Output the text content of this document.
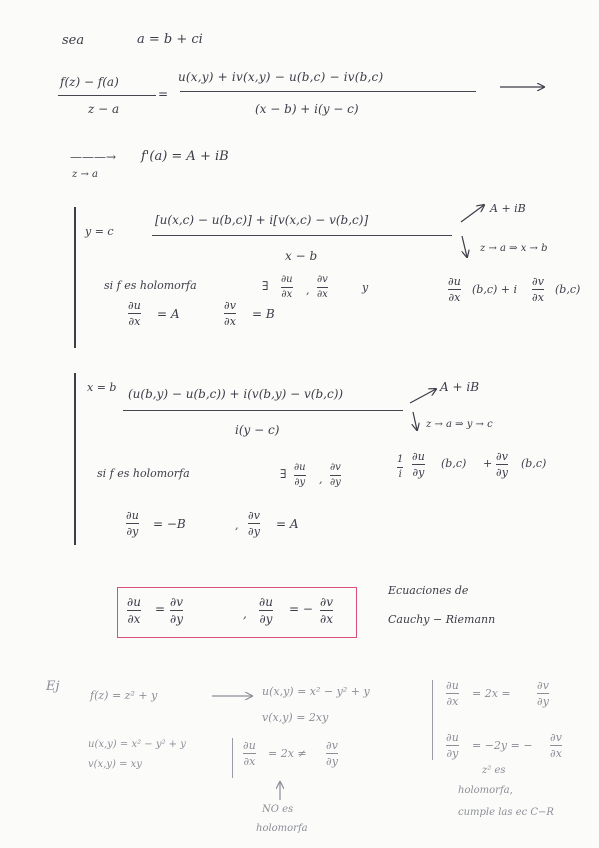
sea	a = b + ci
f(z) − f(a)
z − a
=
u(x,y) + iv(x,y) − u(b,c) − iv(b,c)
(x − b) + i(y − c)
———→ f'(a) = A + iB
z → a
y = c
[u(x,c) − u(b,c)] + i[v(x,c) − v(b,c)]
x − b
A + iB
z → a ⇒ x → b
si f es holomorfa	∃ ∂u
∂x ,
∂v
∂x
y
∂u
∂x
= A
∂v
∂x
= B
∂u
∂x
(b,c) + i
∂v
∂x
(b,c)
x = b (u(b,y) − u(b,c)) + i(v(b,y) − v(b,c))
i(y − c)
A + iB
z → a ⇒ y → c
si f es holomorfa	∃ ∂u
∂y ,
∂v
∂y
1
i
∂u
∂y
(b,c) +
∂v
∂y
(b,c)
∂u
∂y
= −B	,
∂v
∂y
= A
∂u
∂x
= ∂v
∂y	,
∂u
∂y
= − ∂v
∂x
Ecuaciones de
Cauchy − Riemann
Ej
f(z) = z² + y	u(x,y) = x² − y² + y
v(x,y) = 2xy
∂u
∂x
= 2x =
∂v
∂y
∂u
∂y
= −2y = −
∂v
∂x
z² es
holomorfa,
cumple las ec C−R
u(x,y) = x² − y² + y
v(x,y) = xy
∂u
∂x
= 2x ≠
∂v
∂y
NO es
holomorfa
